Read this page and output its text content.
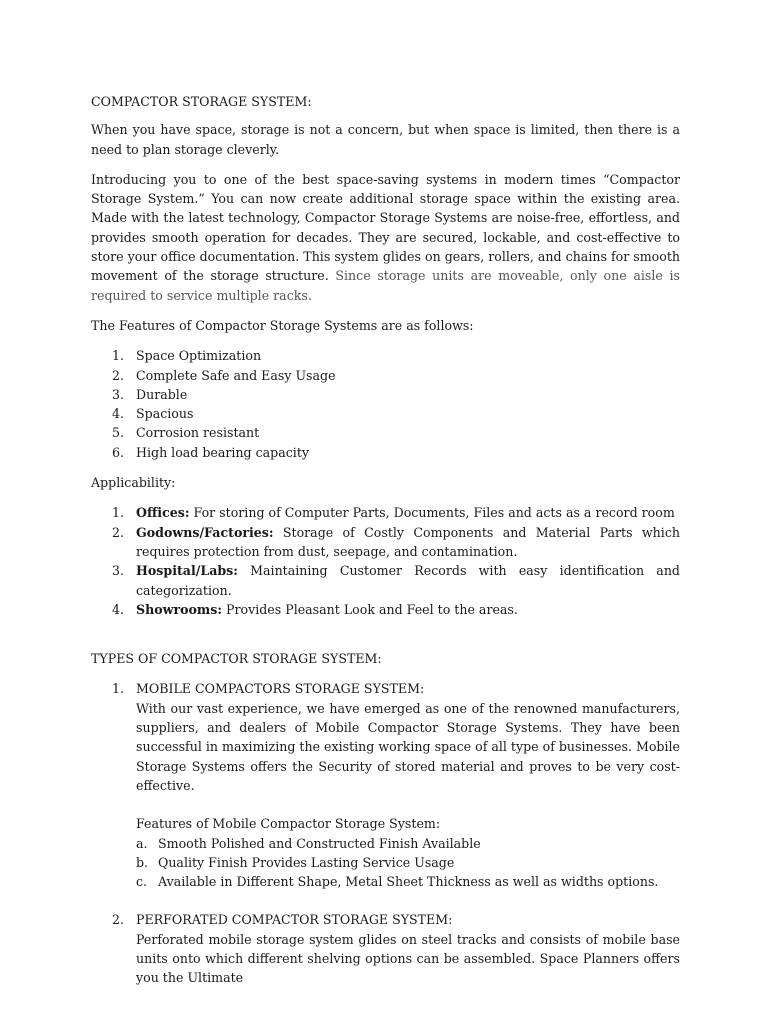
COMPACTOR STORAGE SYSTEM:

When you have space, storage is not a concern, but when space is limited, then there is a need to plan storage cleverly.

Introducing you to one of the best space-saving systems in modern times “Compactor Storage System.” You can now create additional storage space within the existing area. Made with the latest technology, Compactor Storage Systems are noise-free, effortless, and provides smooth operation for decades. They are secured, lockable, and cost-effective to store your office documentation. This system glides on gears, rollers, and chains for smooth movement of the storage structure. Since storage units are moveable, only one aisle is required to service multiple racks.

The Features of Compactor Storage Systems are as follows:

1. Space Optimization
2. Complete Safe and Easy Usage
3. Durable
4. Spacious
5. Corrosion resistant
6. High load bearing capacity

Applicability:

1. Offices: For storing of Computer Parts, Documents, Files and acts as a record room
2. Godowns/Factories: Storage of Costly Components and Material Parts which requires protection from dust, seepage, and contamination.
3. Hospital/Labs: Maintaining Customer Records with easy identification and categorization.
4. Showrooms: Provides Pleasant Look and Feel to the areas.

TYPES OF COMPACTOR STORAGE SYSTEM:

1. MOBILE COMPACTORS STORAGE SYSTEM:

With our vast experience, we have emerged as one of the renowned manufacturers, suppliers, and dealers of Mobile Compactor Storage Systems. They have been successful in maximizing the existing working space of all type of businesses. Mobile Storage Systems offers the Security of stored material and proves to be very cost-effective.

Features of Mobile Compactor Storage System:

a. Smooth Polished and Constructed Finish Available
b. Quality Finish Provides Lasting Service Usage
c. Available in Different Shape, Metal Sheet Thickness as well as widths options.
2. PERFORATED COMPACTOR STORAGE SYSTEM:

Perforated mobile storage system glides on steel tracks and consists of mobile base units onto which different shelving options can be assembled. Space Planners offers you the Ultimate
